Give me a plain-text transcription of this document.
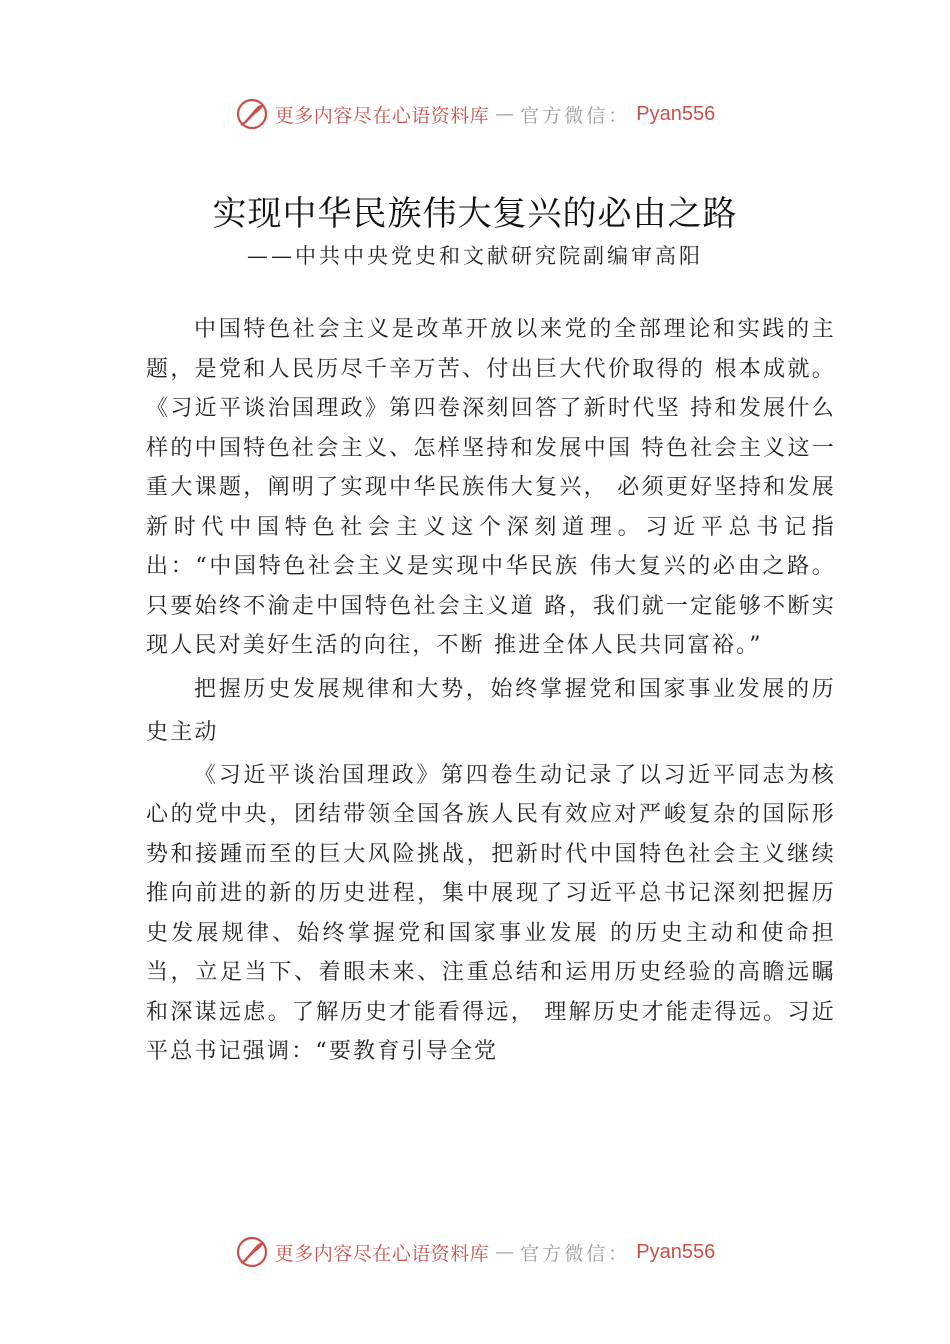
更多内容尽在心语资料库 — 官方微信： Pyan556
实现中华民族伟大复兴的必由之路
——中共中央党史和文献研究院副编审高阳

中国特色社会主义是改革开放以来党的全部理论和实践的主题，是党和人民历尽千辛万苦、付出巨大代价取得的 根本成就。《习近平谈治国理政》第四卷深刻回答了新时代坚 持和发展什么样的中国特色社会主义、怎样坚持和发展中国 特色社会主义这一重大课题，阐明了实现中华民族伟大复兴， 必须更好坚持和发展新时代中国特色社会主义这个深刻道理。习近平总书记指出：“中国特色社会主义是实现中华民族 伟大复兴的必由之路。只要始终不渝走中国特色社会主义道 路，我们就一定能够不断实现人民对美好生活的向往，不断 推进全体人民共同富裕。”

把握历史发展规律和大势，始终掌握党和国家事业发展的历史主动

《习近平谈治国理政》第四卷生动记录了以习近平同志为核心的党中央，团结带领全国各族人民有效应对严峻复杂的国际形势和接踵而至的巨大风险挑战，把新时代中国特色社会主义继续推向前进的新的历史进程，集中展现了习近平总书记深刻把握历史发展规律、始终掌握党和国家事业发展 的历史主动和使命担当，立足当下、着眼未来、注重总结和运用历史经验的高瞻远瞩和深谋远虑。了解历史才能看得远， 理解历史才能走得远。习近平总书记强调：“要教育引导全党

更多内容尽在心语资料库 — 官方微信： Pyan556
